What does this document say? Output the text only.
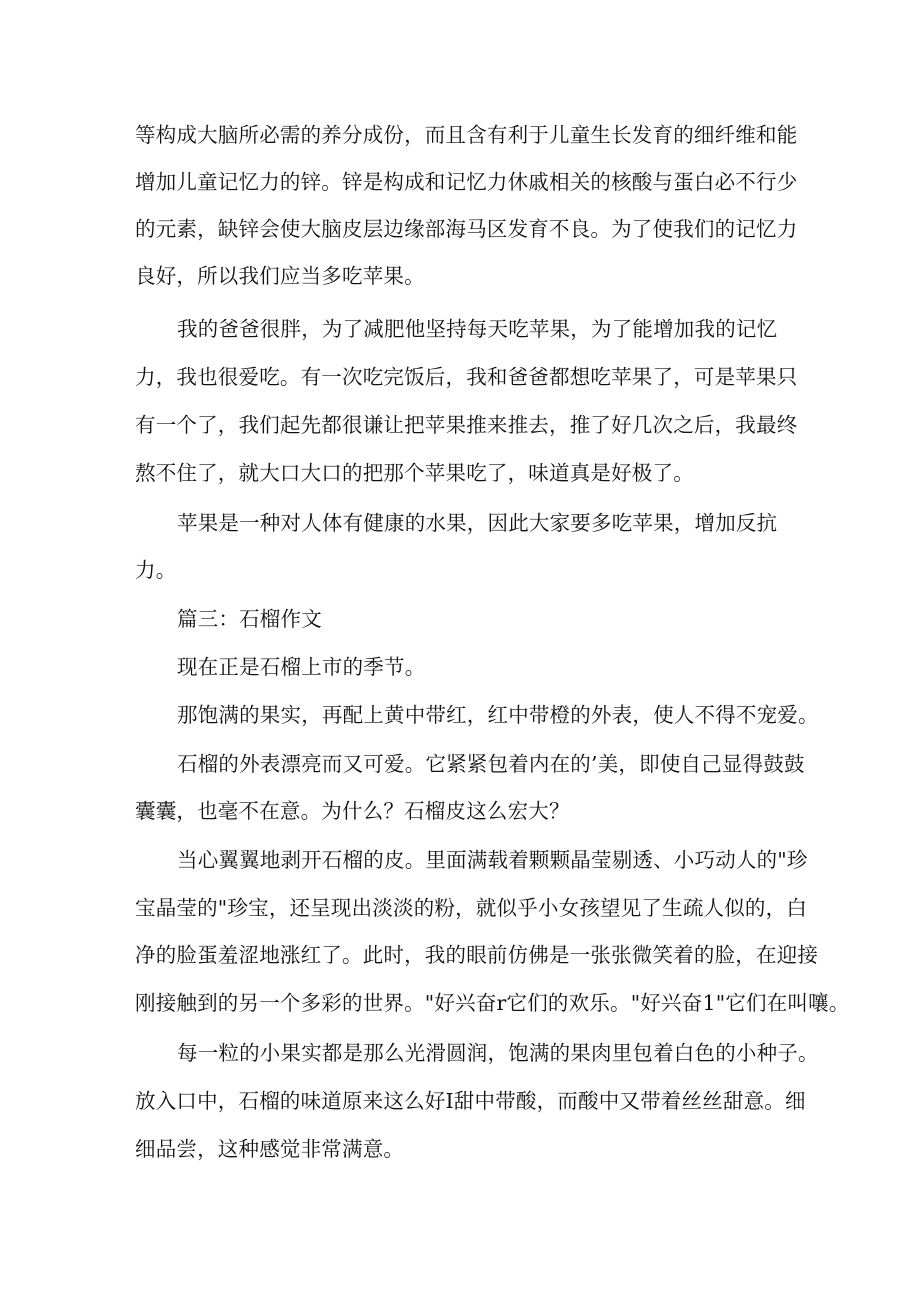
等构成大脑所必需的养分成份，而且含有利于儿童生长发育的细纤维和能
增加儿童记忆力的锌。锌是构成和记忆力休戚相关的核酸与蛋白必不行少
的元素，缺锌会使大脑皮层边缘部海马区发育不良。为了使我们的记忆力
良好，所以我们应当多吃苹果。
我的爸爸很胖，为了减肥他坚持每天吃苹果，为了能增加我的记忆
力，我也很爱吃。有一次吃完饭后，我和爸爸都想吃苹果了，可是苹果只
有一个了，我们起先都很谦让把苹果推来推去，推了好几次之后，我最终
熬不住了，就大口大口的把那个苹果吃了，味道真是好极了。
苹果是一种对人体有健康的水果，因此大家要多吃苹果，增加反抗
力。
篇三：石榴作文
现在正是石榴上市的季节。
那饱满的果实，再配上黄中带红，红中带橙的外表，使人不得不宠爱。
石榴的外表漂亮而又可爱。它紧紧包着内在的’美，即使自己显得鼓鼓
囊囊，也毫不在意。为什么？石榴皮这么宏大？
当心翼翼地剥开石榴的皮。里面满载着颗颗晶莹剔透、小巧动人的"珍
宝晶莹的"珍宝，还呈现出淡淡的粉，就似乎小女孩望见了生疏人似的，白
净的脸蛋羞涩地涨红了。此时，我的眼前仿佛是一张张微笑着的脸，在迎接
刚接触到的另一个多彩的世界。"好兴奋r它们的欢乐。"好兴奋1"它们在叫嚷。
每一粒的小果实都是那么光滑圆润，饱满的果肉里包着白色的小种子。
放入口中，石榴的味道原来这么好I甜中带酸，而酸中又带着丝丝甜意。细
细品尝，这种感觉非常满意。
